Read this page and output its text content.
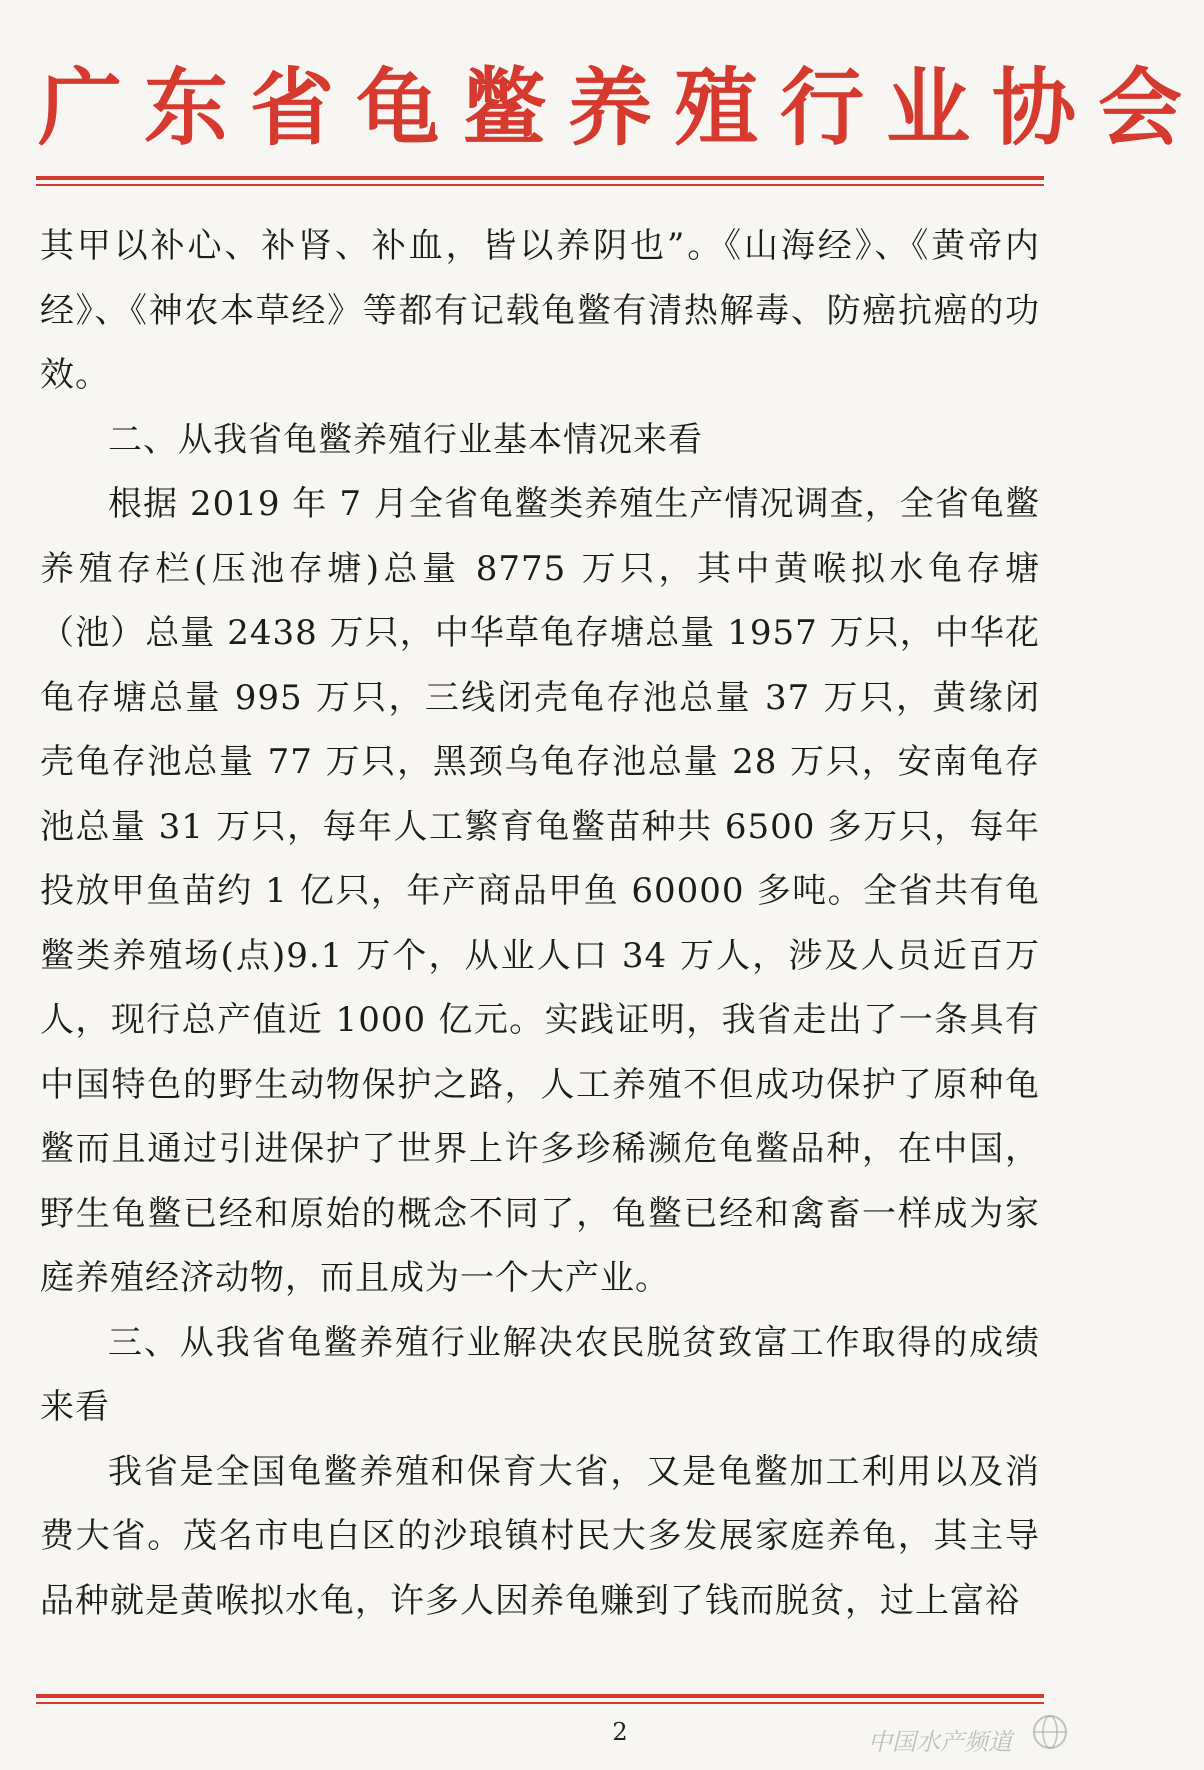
广东省龟鳖养殖行业协会

其甲以补心、补肾、补血，皆以养阴也”。《山海经》、《黄帝内经》、《神农本草经》等都有记载龟鳖有清热解毒、防癌抗癌的功效。

二、从我省龟鳖养殖行业基本情况来看

根据 2019 年 7 月全省龟鳖类养殖生产情况调查，全省龟鳖养殖存栏(压池存塘)总量 8775 万只，其中黄喉拟水龟存塘（池）总量 2438 万只，中华草龟存塘总量 1957 万只，中华花龟存塘总量 995 万只，三线闭壳龟存池总量 37 万只，黄缘闭壳龟存池总量 77 万只，黑颈乌龟存池总量 28 万只，安南龟存池总量 31 万只，每年人工繁育龟鳖苗种共 6500 多万只，每年投放甲鱼苗约 1 亿只，年产商品甲鱼 60000 多吨。全省共有龟鳖类养殖场(点)9.1 万个，从业人口 34 万人，涉及人员近百万人，现行总产值近 1000 亿元。实践证明，我省走出了一条具有中国特色的野生动物保护之路，人工养殖不但成功保护了原种龟鳖而且通过引进保护了世界上许多珍稀濒危龟鳖品种，在中国，野生龟鳖已经和原始的概念不同了，龟鳖已经和禽畜一样成为家庭养殖经济动物，而且成为一个大产业。

三、从我省龟鳖养殖行业解决农民脱贫致富工作取得的成绩来看

我省是全国龟鳖养殖和保育大省，又是龟鳖加工利用以及消费大省。茂名市电白区的沙琅镇村民大多发展家庭养龟，其主导品种就是黄喉拟水龟，许多人因养龟赚到了钱而脱贫，过上富裕

2	中国水产频道
